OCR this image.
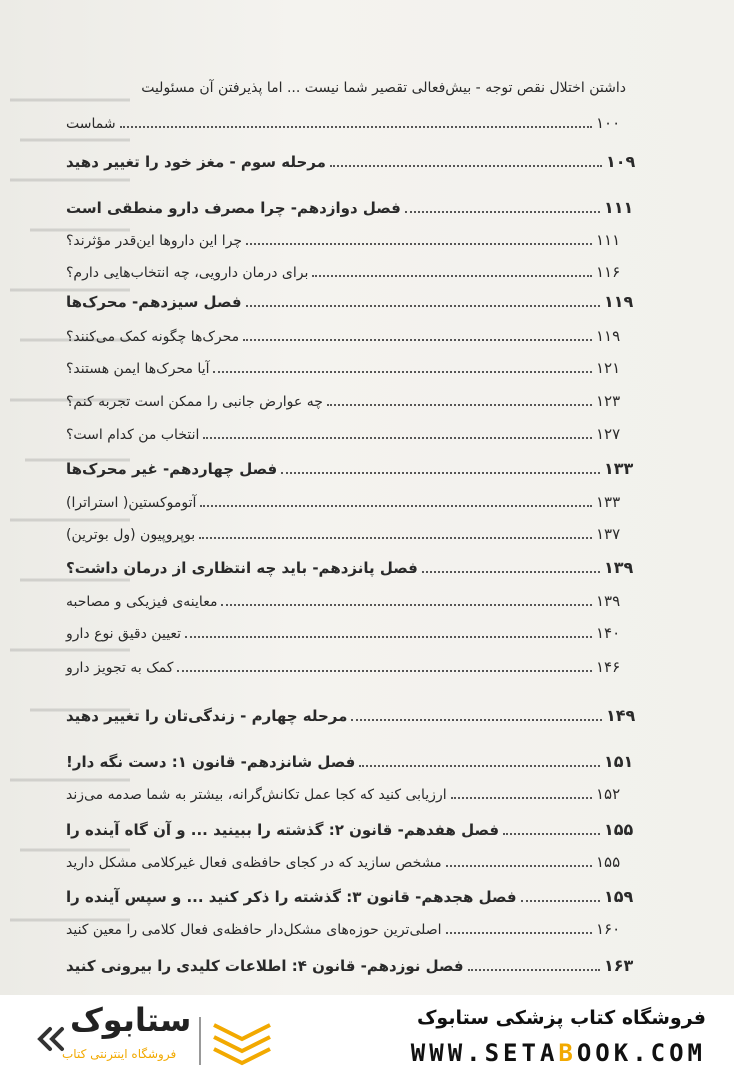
داشتن اختلال نقص توجه - بیش‌فعالی تقصیر شما نیست ... اما پذیرفتن آن مسئولیت
شماست	۱۰۰
مرحله سوم - مغز خود را تغییر دهید	۱۰۹
فصل دوازدهم- چرا مصرف دارو منطقی است	۱۱۱
چرا این داروها این‌قدر مؤثرند؟	۱۱۱
برای درمان دارویی، چه انتخاب‌هایی دارم؟	۱۱۶
فصل سیزدهم- محرک‌ها	۱۱۹
محرک‌ها چگونه کمک می‌کنند؟	۱۱۹
آیا محرک‌ها ایمن هستند؟	۱۲۱
چه عوارض جانبی را ممکن است تجربه کنم؟	۱۲۳
انتخاب من کدام است؟	۱۲۷
فصل چهاردهم- غیر محرک‌ها	۱۳۳
آتوموکستین( استراترا)	۱۳۳
بوپروپیون (ول بوترین)	۱۳۷
فصل پانزدهم- باید چه انتظاری از درمان داشت؟	۱۳۹
معاینه‌ی فیزیکی و مصاحبه	۱۳۹
تعیین دقیق نوع دارو	۱۴۰
کمک به تجویز دارو	۱۴۶
مرحله چهارم - زندگی‌تان را تغییر دهید	۱۴۹
فصل شانزدهم- قانون ۱: دست نگه دار!	۱۵۱
ارزیابی کنید که کجا عمل تکانش‌گرانه، بیشتر به شما صدمه می‌زند	۱۵۲
فصل هفدهم- قانون ۲: گذشته را ببینید ... و آن گاه آینده را	۱۵۵
مشخص سازید که در کجای حافظه‌ی فعال غیرکلامی مشکل دارید	۱۵۵
فصل هجدهم- قانون ۳: گذشته را ذکر کنید ... و سپس آینده را	۱۵۹
اصلی‌ترین حوزه‌های مشکل‌دار حافظه‌ی فعال کلامی را معین کنید	۱۶۰
فصل نوزدهم- قانون ۴: اطلاعات کلیدی را بیرونی کنید	۱۶۳
ستابوک
فروشگاه اینترنتی کتاب
فروشگاه کتاب پزشکی ستابوک
WWW.SETABOOK.COM
